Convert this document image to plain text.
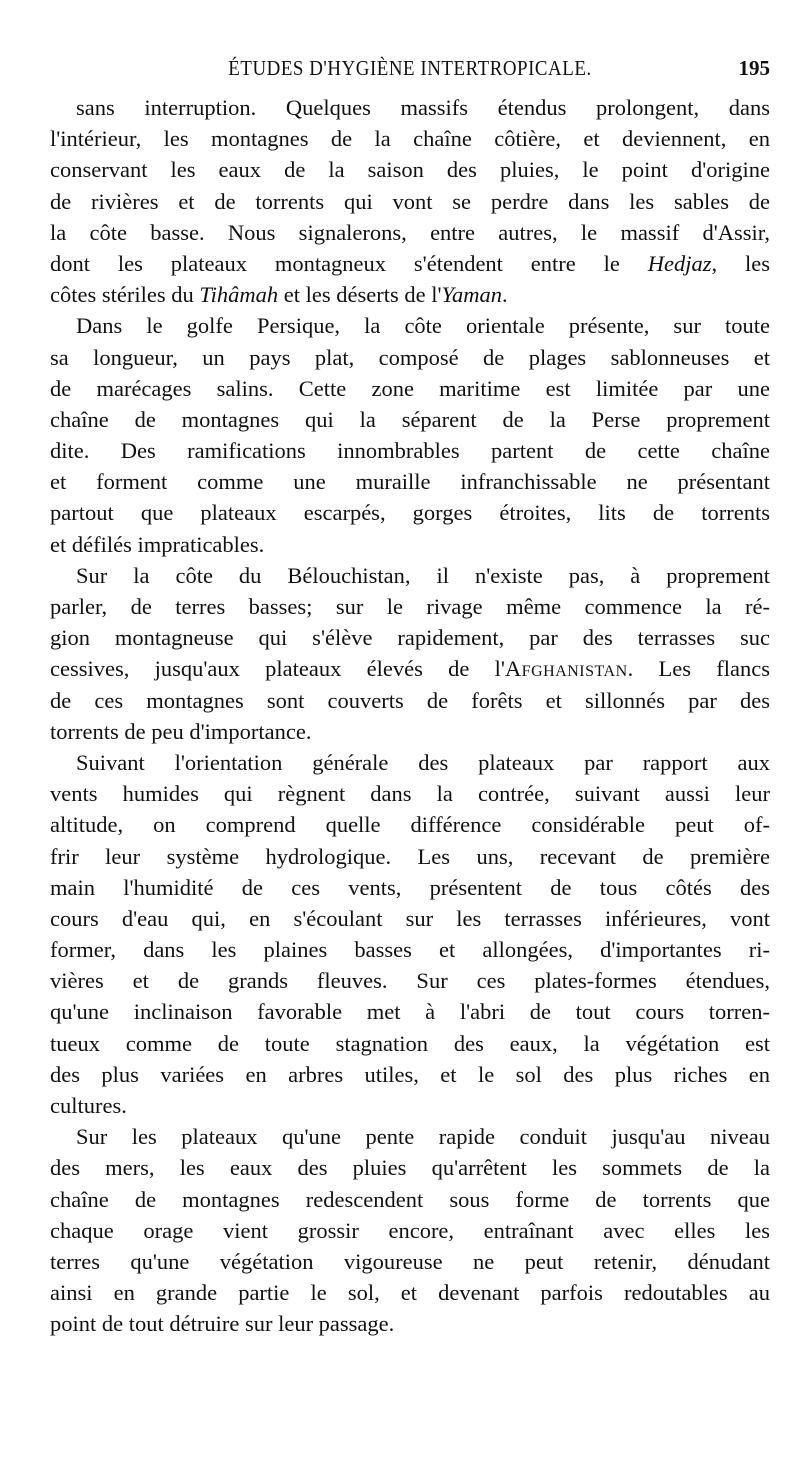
ÉTUDES D'HYGIÈNE INTERTROPICALE.	195
sans interruption. Quelques massifs étendus prolongent, dans
l'intérieur, les montagnes de la chaîne côtière, et deviennent, en
conservant les eaux de la saison des pluies, le point d'origine
de rivières et de torrents qui vont se perdre dans les sables de
la côte basse. Nous signalerons, entre autres, le massif d'Assir,
dont les plateaux montagneux s'étendent entre le Hedjaz, les
côtes stériles du Tihâmah et les déserts de l'Yaman.
Dans le golfe Persique, la côte orientale présente, sur toute
sa longueur, un pays plat, composé de plages sablonneuses et
de marécages salins. Cette zone maritime est limitée par une
chaîne de montagnes qui la séparent de la Perse proprement
dite. Des ramifications innombrables partent de cette chaîne
et forment comme une muraille infranchissable ne présentant
partout que plateaux escarpés, gorges étroites, lits de torrents
et défilés impraticables.
Sur la côte du Bélouchistan, il n'existe pas, à proprement
parler, de terres basses; sur le rivage même commence la ré-
gion montagneuse qui s'élève rapidement, par des terrasses suc
cessives, jusqu'aux plateaux élevés de l'Afghanistan. Les flancs
de ces montagnes sont couverts de forêts et sillonnés par des
torrents de peu d'importance.
Suivant l'orientation générale des plateaux par rapport aux
vents humides qui règnent dans la contrée, suivant aussi leur
altitude, on comprend quelle différence considérable peut of-
frir leur système hydrologique. Les uns, recevant de première
main l'humidité de ces vents, présentent de tous côtés des
cours d'eau qui, en s'écoulant sur les terrasses inférieures, vont
former, dans les plaines basses et allongées, d'importantes ri-
vières et de grands fleuves. Sur ces plates-formes étendues,
qu'une inclinaison favorable met à l'abri de tout cours torren-
tueux comme de toute stagnation des eaux, la végétation est
des plus variées en arbres utiles, et le sol des plus riches en
cultures.
Sur les plateaux qu'une pente rapide conduit jusqu'au niveau
des mers, les eaux des pluies qu'arrêtent les sommets de la
chaîne de montagnes redescendent sous forme de torrents que
chaque orage vient grossir encore, entraînant avec elles les
terres qu'une végétation vigoureuse ne peut retenir, dénudant
ainsi en grande partie le sol, et devenant parfois redoutables au
point de tout détruire sur leur passage.
